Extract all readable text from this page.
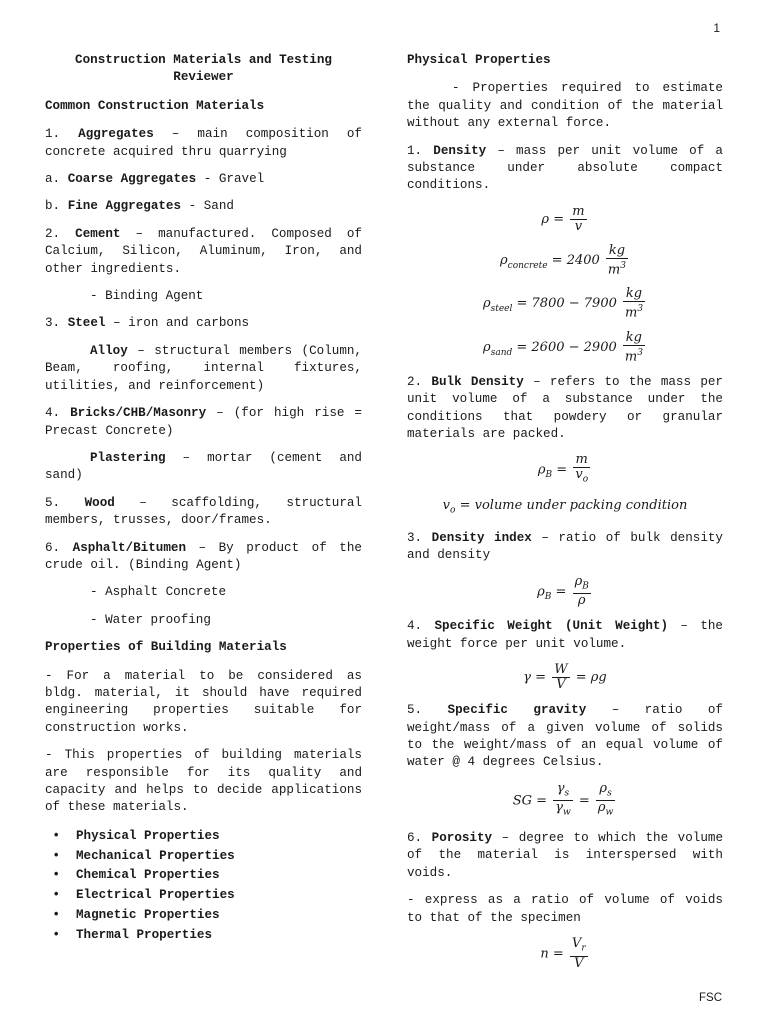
1

Construction Materials and Testing Reviewer

Common Construction Materials

1. Aggregates – main composition of concrete acquired thru quarrying

a. Coarse Aggregates - Gravel

b. Fine Aggregates - Sand

2. Cement – manufactured. Composed of Calcium, Silicon, Aluminum, Iron, and other ingredients.

- Binding Agent

3. Steel – iron and carbons

Alloy – structural members (Column, Beam, roofing, internal fixtures, utilities, and reinforcement)

4. Bricks/CHB/Masonry – (for high rise = Precast Concrete)

Plastering – mortar (cement and sand)

5. Wood – scaffolding, structural members, trusses, door/frames.

6. Asphalt/Bitumen – By product of the crude oil. (Binding Agent)

- Asphalt Concrete

- Water proofing

Properties of Building Materials

- For a material to be considered as bldg. material, it should have required engineering properties suitable for construction works.

- This properties of building materials are responsible for its quality and capacity and helps to decide applications of these materials.

•	Physical Properties
•	Mechanical Properties
•	Chemical Properties
•	Electrical Properties
•	Magnetic Properties
•	Thermal Properties

Physical Properties

- Properties required to estimate the quality and condition of the material without any external force.

1. Density – mass per unit volume of a substance under absolute compact conditions.

$\rho = \frac{m}{v}$
$\rho_{concrete} = 2400 \frac{kg}{m^3}$
$\rho_{steel} = 7800 - 7900 \frac{kg}{m^3}$
$\rho_{sand} = 2600 - 2900 \frac{kg}{m^3}$

2. Bulk Density – refers to the mass per unit volume of a substance under the conditions that powdery or granular materials are packed.

$\rho_B = \frac{m}{v_o}$
$v_o$ = volume under packing condition

3. Density index – ratio of bulk density and density

$\rho_B = \frac{\rho_B}{\rho}$

4. Specific Weight (Unit Weight) – the weight force per unit volume.

$\gamma = \frac{W}{V} = \rho g$

5. Specific gravity – ratio of weight/mass of a given volume of solids to the weight/mass of an equal volume of water @ 4 degrees Celsius.

SG = $\frac{\gamma_s}{\gamma_w} = \frac{\rho_s}{\rho_w}$

6. Porosity – degree to which the volume of the material is interspersed with voids.

- express as a ratio of volume of voids to that of the specimen

$n = \frac{V_r}{V}$
FSC
